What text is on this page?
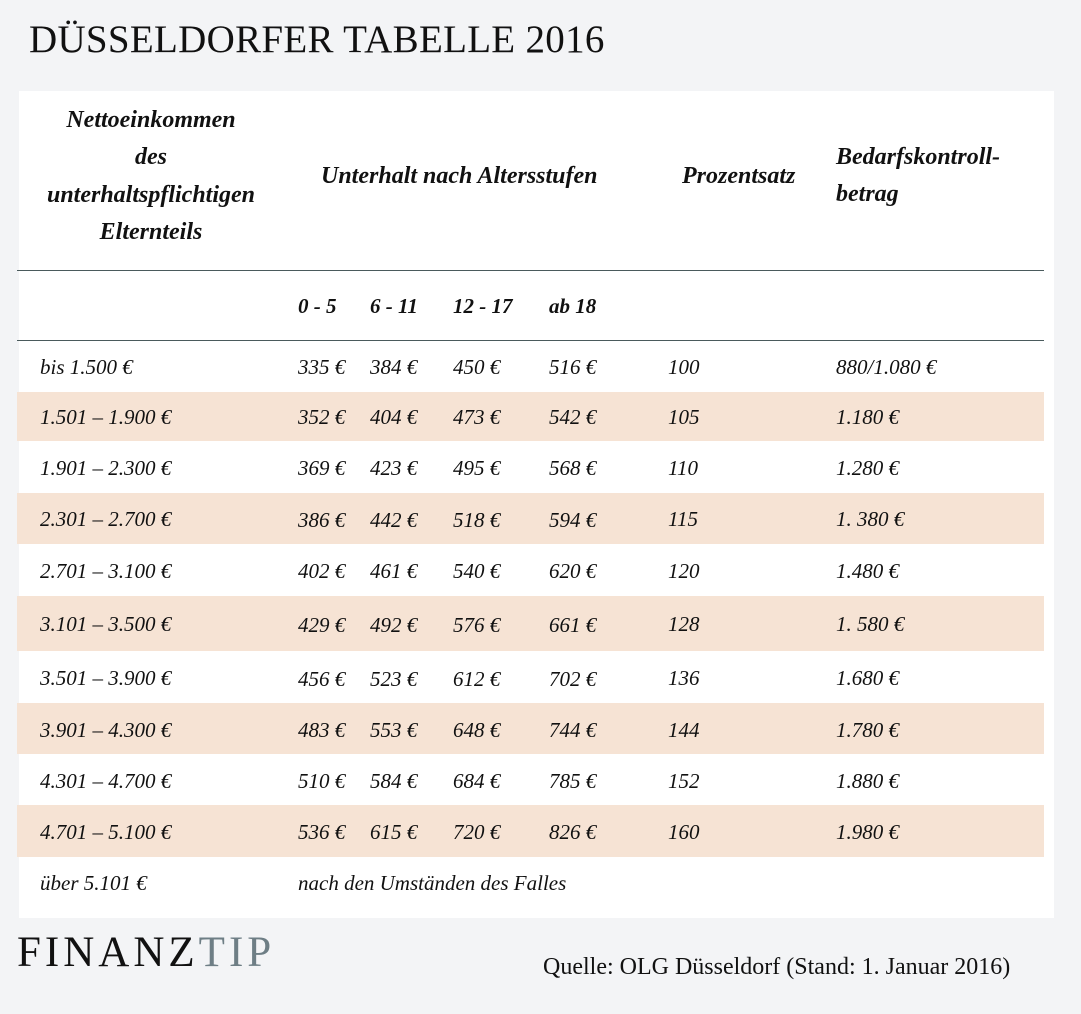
DÜSSELDORFER TABELLE 2016
Nettoeinkommen
des
unterhaltspflichtigen
Elternteils
Unterhalt nach Altersstufen	Prozentsatz
Bedarfskontroll-
betrag
0 - 5 6 - 11 12 - 17 ab 18
bis 1.500 €	335 € 384 € 450 € 516 €	100	880/1.080 €
1.501 – 1.900 €	352 € 404 € 473 € 542 €	105	1.180 €
1.901 – 2.300 €	369 € 423 € 495 € 568 €	110	1.280 €
2.301 – 2.700 €	386 € 442 € 518 € 594 €	115	1. 380 €
2.701 – 3.100 €	402 € 461 € 540 € 620 €	120	1.480 €
3.101 – 3.500 €	429 € 492 € 576 € 661 €	128	1. 580 €
3.501 – 3.900 €	456 € 523 € 612 € 702 €	136	1.680 €
3.901 – 4.300 €	483 € 553 € 648 € 744 €	144	1.780 €
4.301 – 4.700 €	510 € 584 € 684 € 785 €	152	1.880 €
4.701 – 5.100 €	536 € 615 € 720 € 826 €	160	1.980 €
über 5.101 €	nach den Umständen des Falles
FINANZTIP	Quelle: OLG Düsseldorf (Stand: 1. Januar 2016)
